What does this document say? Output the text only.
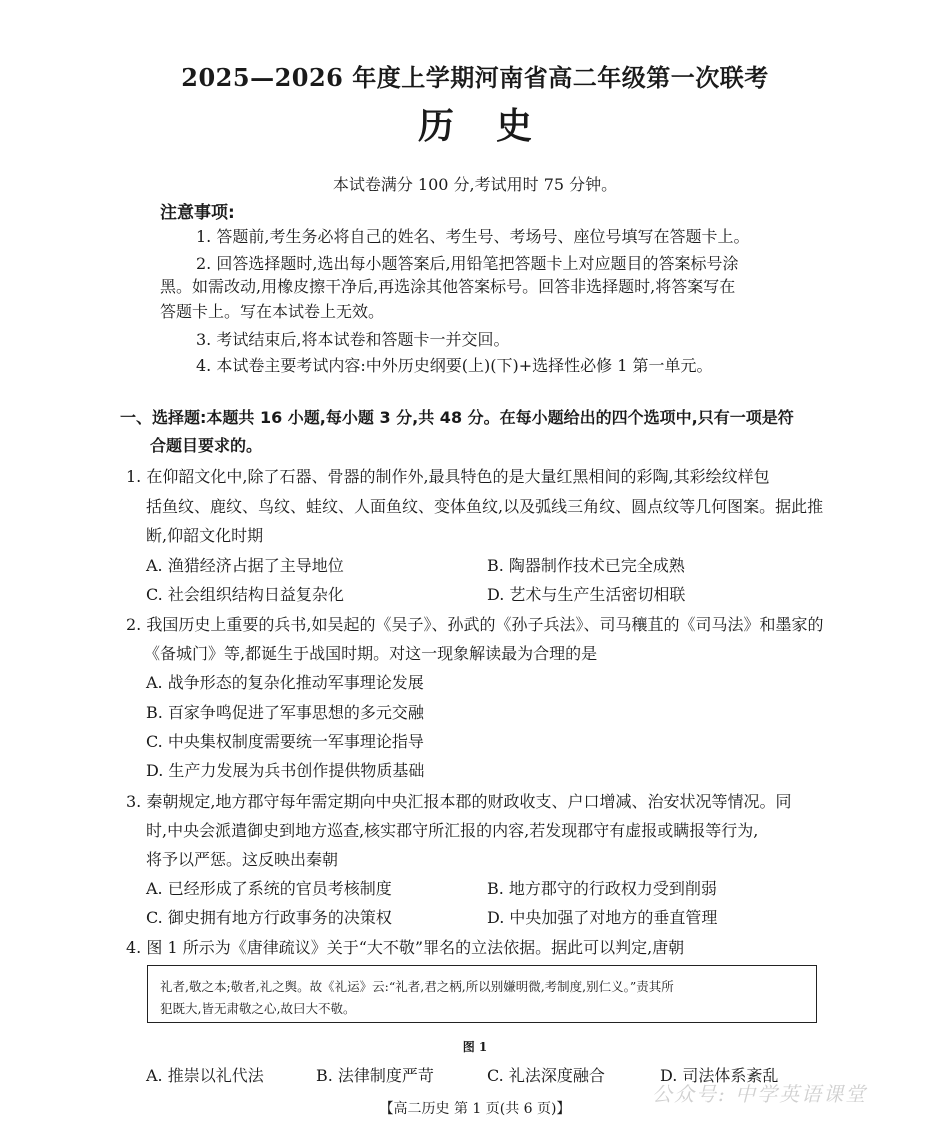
2025—2026 年度上学期河南省高二年级第一次联考
历史
本试卷满分 100 分,考试用时 75 分钟。
注意事项:
1. 答题前,考生务必将自己的姓名、考生号、考场号、座位号填写在答题卡上。
2. 回答选择题时,选出每小题答案后,用铅笔把答题卡上对应题目的答案标号涂
黑。如需改动,用橡皮擦干净后,再选涂其他答案标号。回答非选择题时,将答案写在
答题卡上。写在本试卷上无效。
3. 考试结束后,将本试卷和答题卡一并交回。
4. 本试卷主要考试内容:中外历史纲要(上)(下)+选择性必修 1 第一单元。
一、选择题:本题共 16 小题,每小题 3 分,共 48 分。在每小题给出的四个选项中,只有一项是符
合题目要求的。
1. 在仰韶文化中,除了石器、骨器的制作外,最具特色的是大量红黑相间的彩陶,其彩绘纹样包
括鱼纹、鹿纹、鸟纹、蛙纹、人面鱼纹、变体鱼纹,以及弧线三角纹、圆点纹等几何图案。据此推
断,仰韶文化时期
A. 渔猎经济占据了主导地位	B. 陶器制作技术已完全成熟
C. 社会组织结构日益复杂化	D. 艺术与生产生活密切相联
2. 我国历史上重要的兵书,如吴起的《吴子》、孙武的《孙子兵法》、司马穰苴的《司马法》和墨家的
《备城门》等,都诞生于战国时期。对这一现象解读最为合理的是
A. 战争形态的复杂化推动军事理论发展
B. 百家争鸣促进了军事思想的多元交融
C. 中央集权制度需要统一军事理论指导
D. 生产力发展为兵书创作提供物质基础
3. 秦朝规定,地方郡守每年需定期向中央汇报本郡的财政收支、户口增减、治安状况等情况。同
时,中央会派遣御史到地方巡查,核实郡守所汇报的内容,若发现郡守有虚报或瞒报等行为,
将予以严惩。这反映出秦朝
A. 已经形成了系统的官员考核制度	B. 地方郡守的行政权力受到削弱
C. 御史拥有地方行政事务的决策权	D. 中央加强了对地方的垂直管理
4. 图 1 所示为《唐律疏议》关于“大不敬”罪名的立法依据。据此可以判定,唐朝
礼者,敬之本;敬者,礼之舆。故《礼运》云:“礼者,君之柄,所以别嫌明微,考制度,别仁义。”责其所
犯既大,皆无肃敬之心,故曰大不敬。
图 1
A. 推崇以礼代法	B. 法律制度严苛	C. 礼法深度融合	D. 司法体系紊乱
公众号: 中学英语课堂
【高二历史 第 1 页(共 6 页)】
